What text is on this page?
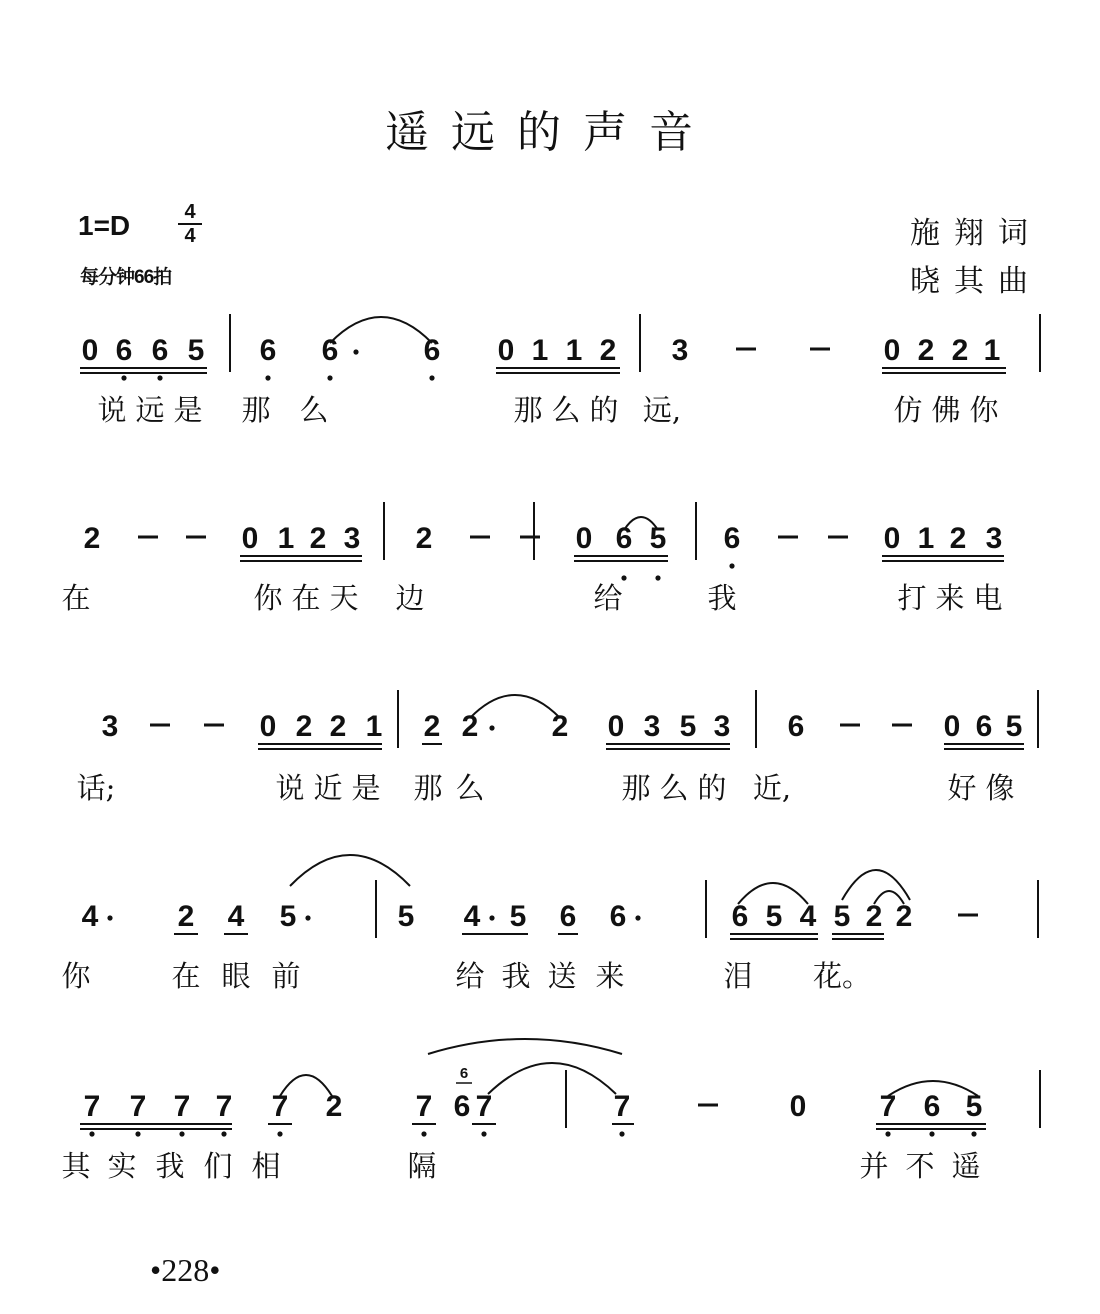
遥远的声音
1=D	4
4
每分钟66拍
施翔词
晓其曲
0 6 6 5 6 6	6 0 1 1 2 3	0 2 2 1
说 远 是 那 么	那 么 的 远,	仿 佛 你
2	0 1 2 3 2	0 6 5 6	0 1 2 3
在	你 在 天 边	给	我	打 来 电
3	0 2 2 1 2 2 2 0 3 5 3 6	0 6 5
话;	说 近 是 那 么	那 么 的 近,	好 像
4	2 4 5	5 4 5 6 6	6 5 4 5 2 2
你	在 眼 前	给 我 送 来	泪 花。
7 7 7 7 7 2 7 6 7	7	0 7 6 5
其 实 我 们 相	隔	并 不 遥
6
•228•
